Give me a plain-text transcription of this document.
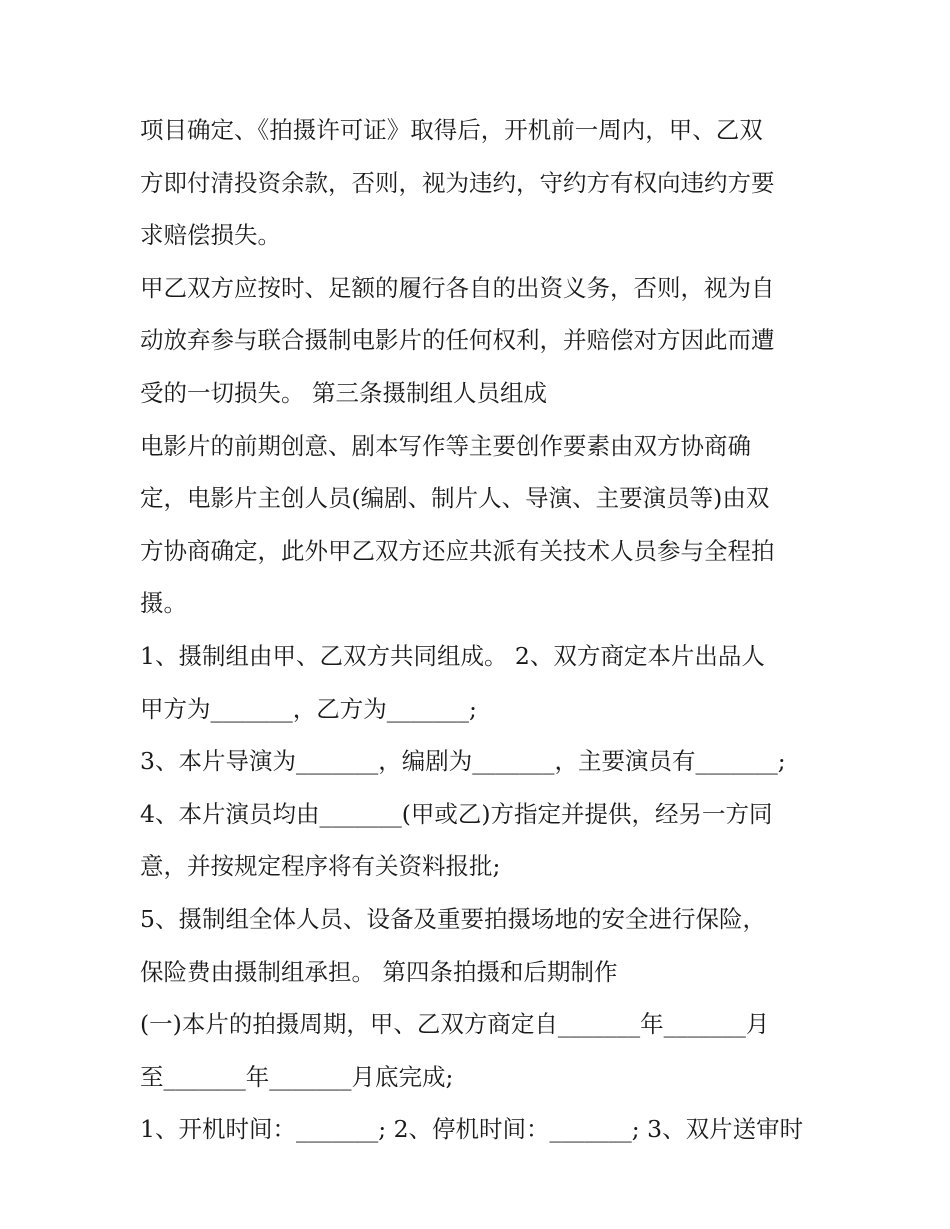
项目确定、《拍摄许可证》取得后，开机前一周内，甲、乙双
方即付清投资余款，否则，视为违约，守约方有权向违约方要
求赔偿损失。
甲乙双方应按时、足额的履行各自的出资义务，否则，视为自
动放弃参与联合摄制电影片的任何权利，并赔偿对方因此而遭
受的一切损失。 第三条摄制组人员组成
电影片的前期创意、剧本写作等主要创作要素由双方协商确
定，电影片主创人员(编剧、制片人、导演、主要演员等)由双
方协商确定，此外甲乙双方还应共派有关技术人员参与全程拍
摄。
1、摄制组由甲、乙双方共同组成。 2、双方商定本片出品人
甲方为_______，乙方为_______;
3、本片导演为_______，编剧为_______，主要演员有_______;
4、本片演员均由_______(甲或乙)方指定并提供，经另一方同
意，并按规定程序将有关资料报批;
5、摄制组全体人员、设备及重要拍摄场地的安全进行保险，
保险费由摄制组承担。 第四条拍摄和后期制作
(一)本片的拍摄周期，甲、乙双方商定自_______年_______月
至_______年_______月底完成;
1、开机时间：_______; 2、停机时间：_______; 3、双片送审时
